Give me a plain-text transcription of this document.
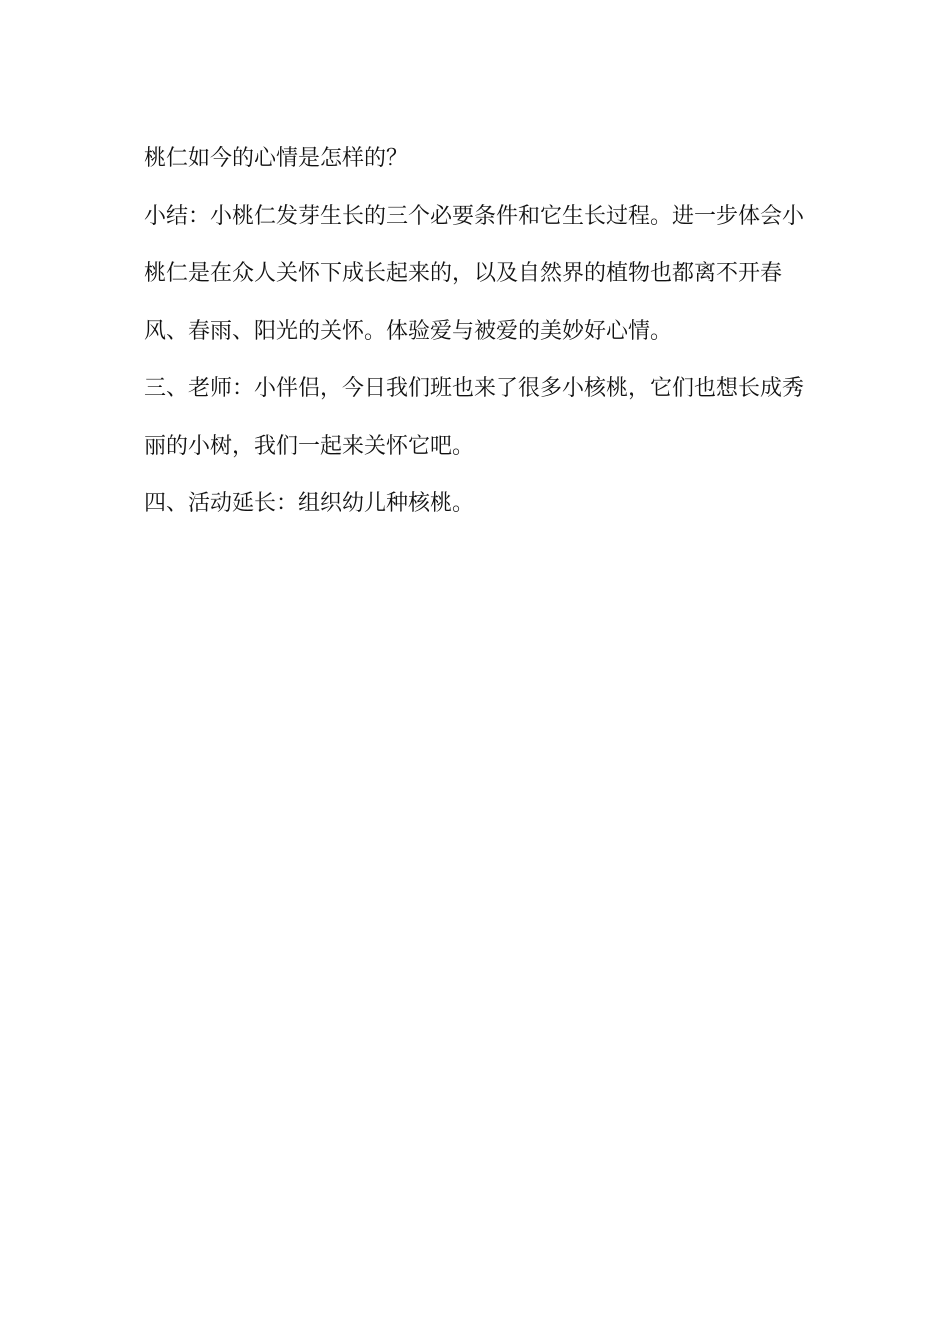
桃仁如今的心情是怎样的？

小结：小桃仁发芽生长的三个必要条件和它生长过程。进一步体会小桃仁是在众人关怀下成长起来的，以及自然界的植物也都离不开春风、春雨、阳光的关怀。体验爱与被爱的美妙好心情。

三、老师：小伴侣，今日我们班也来了很多小核桃，它们也想长成秀丽的小树，我们一起来关怀它吧。

四、活动延长：组织幼儿种核桃。
